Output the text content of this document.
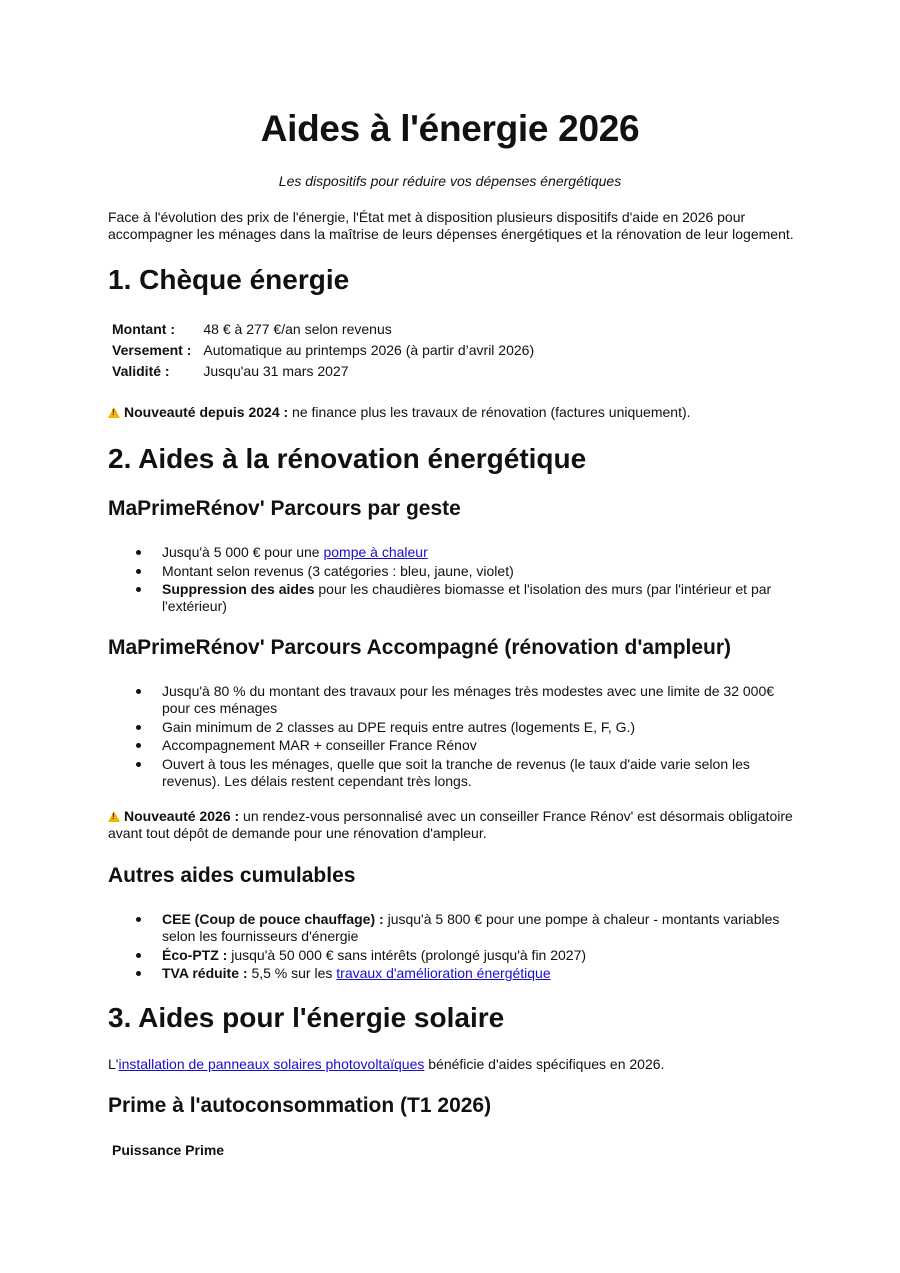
Aides à l'énergie 2026
Les dispositifs pour réduire vos dépenses énergétiques
Face à l'évolution des prix de l'énergie, l'État met à disposition plusieurs dispositifs d'aide en 2026 pour accompagner les ménages dans la maîtrise de leurs dépenses énergétiques et la rénovation de leur logement.
1. Chèque énergie
Montant :	48 € à 277 €/an selon revenus
Versement :	Automatique au printemps 2026 (à partir d’avril 2026)
Validité :	Jusqu'au 31 mars 2027
!Nouveauté depuis 2024 : ne finance plus les travaux de rénovation (factures uniquement).
2. Aides à la rénovation énergétique
MaPrimeRénov' Parcours par geste
Jusqu'à 5 000 € pour une pompe à chaleur
Montant selon revenus (3 catégories : bleu, jaune, violet)
Suppression des aides pour les chaudières biomasse et l'isolation des murs (par l'intérieur et par l'extérieur)
MaPrimeRénov' Parcours Accompagné (rénovation d'ampleur)
Jusqu'à 80 % du montant des travaux pour les ménages très modestes avec une limite de 32 000€ pour ces ménages
Gain minimum de 2 classes au DPE requis entre autres (logements E, F, G.)
Accompagnement MAR + conseiller France Rénov
Ouvert à tous les ménages, quelle que soit la tranche de revenus (le taux d'aide varie selon les revenus). Les délais restent cependant très longs.
!Nouveauté 2026 : un rendez-vous personnalisé avec un conseiller France Rénov' est désormais obligatoire avant tout dépôt de demande pour une rénovation d'ampleur.
Autres aides cumulables
CEE (Coup de pouce chauffage) : jusqu'à 5 800 € pour une pompe à chaleur - montants variables selon les fournisseurs d'énergie
Éco-PTZ : jusqu'à 50 000 € sans intérêts (prolongé jusqu'à fin 2027)
TVA réduite : 5,5 % sur les travaux d'amélioration énergétique
3. Aides pour l'énergie solaire
L'installation de panneaux solaires photovoltaïques bénéficie d'aides spécifiques en 2026.
Prime à l'autoconsommation (T1 2026)
Puissance Prime
